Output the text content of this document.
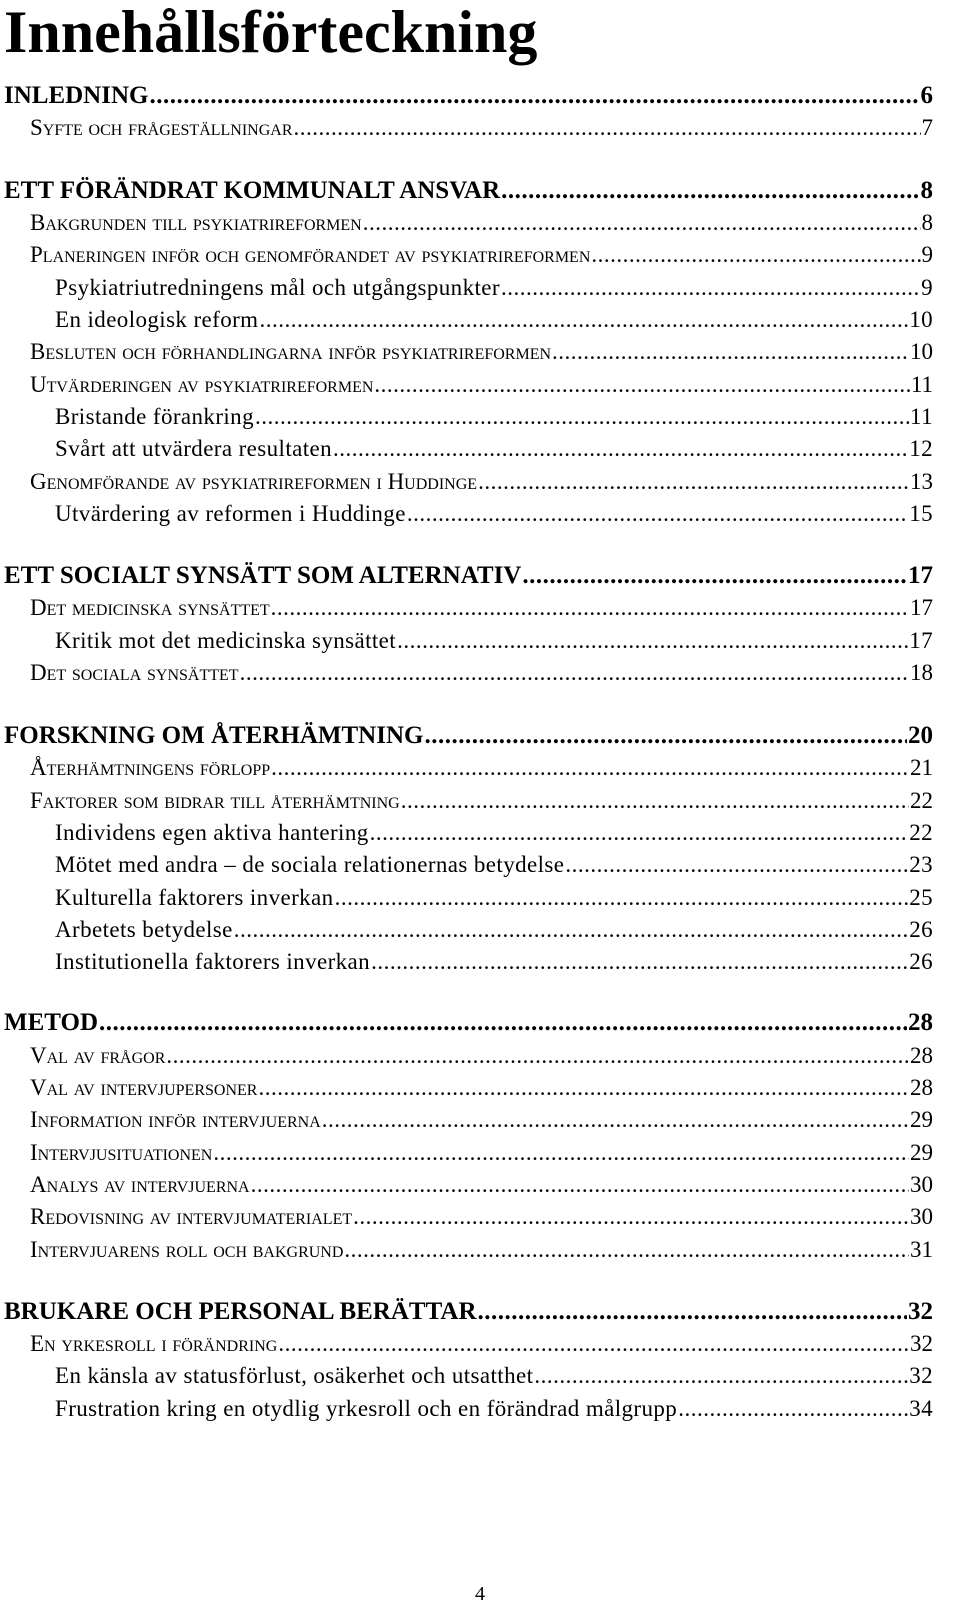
Innehållsförteckning
INLEDNING .....	6
Syfte och frågeställningar .....	7
ETT FÖRÄNDRAT KOMMUNALT ANSVAR .....	8
Bakgrunden till psykiatrireformen .....	8
Planeringen inför och genomförandet av psykiatrireformen .....	9
Psykiatriutredningens mål och utgångspunkter .....	9
En ideologisk reform .....	10
Besluten och förhandlingarna inför psykiatrireformen .....	10
Utvärderingen av psykiatrireformen .....	11
Bristande förankring .....	11
Svårt att utvärdera resultaten .....	12
Genomförande av psykiatrireformen i Huddinge .....	13
Utvärdering av reformen i Huddinge .....	15
ETT SOCIALT SYNSÄTT SOM ALTERNATIV .....	17
Det medicinska synsättet .....	17
Kritik mot det medicinska synsättet .....	17
Det sociala synsättet .....	18
FORSKNING OM ÅTERHÄMTNING .....	20
Återhämtningens förlopp .....	21
Faktorer som bidrar till återhämtning .....	22
Individens egen aktiva hantering .....	22
Mötet med andra – de sociala relationernas betydelse .....	23
Kulturella faktorers inverkan .....	25
Arbetets betydelse .....	26
Institutionella faktorers inverkan .....	26
METOD .....	28
Val av frågor .....	28
Val av intervjupersoner .....	28
Information inför intervjuerna .....	29
Intervjusituationen .....	29
Analys av intervjuerna .....	30
Redovisning av intervjumaterialet .....	30
Intervjuarens roll och bakgrund .....	31
BRUKARE OCH PERSONAL BERÄTTAR .....	32
En yrkesroll i förändring .....	32
En känsla av statusförlust, osäkerhet och utsatthet .....	32
Frustration kring en otydlig yrkesroll och en förändrad målgrupp .....	34
4
